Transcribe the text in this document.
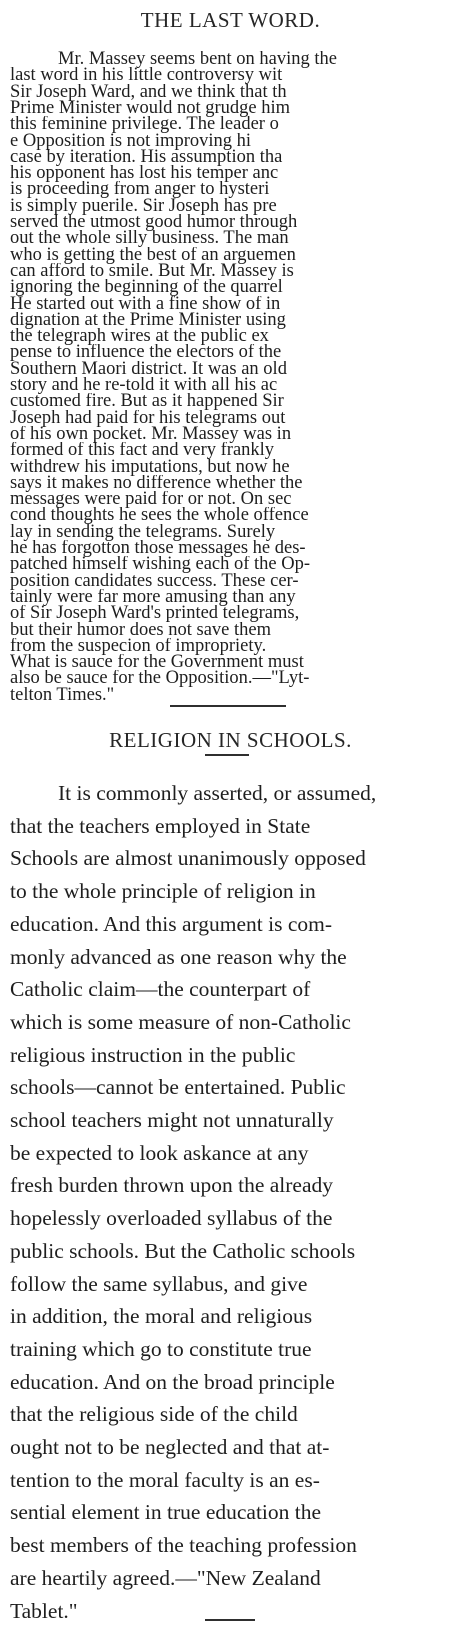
THE LAST WORD.
Mr. Massey seems bent on having the
last word in his little controversy wit
Sir Joseph Ward, and we think that th
Prime Minister would not grudge him
this feminine privilege. The leader o
e Opposition is not improving hi
case by iteration. His assumption tha
his opponent has lost his temper anc
is proceeding from anger to hysteri
is simply puerile. Sir Joseph has pre
served the utmost good humor through
out the whole silly business. The man
who is getting the best of an arguemen
can afford to smile. But Mr. Massey is
ignoring the beginning of the quarrel
He started out with a fine show of in
dignation at the Prime Minister using
the telegraph wires at the public ex
pense to influence the electors of the
Southern Maori district. It was an old
story and he re-told it with all his ac
customed fire. But as it happened Sir
Joseph had paid for his telegrams out
of his own pocket. Mr. Massey was in
formed of this fact and very frankly
withdrew his imputations, but now he
says it makes no difference whether the
messages were paid for or not. On sec
cond thoughts he sees the whole offence
lay in sending the telegrams. Surely
he has forgotton those messages he des-
patched himself wishing each of the Op-
position candidates success. These cer-
tainly were far more amusing than any
of Sir Joseph Ward's printed telegrams,
but their humor does not save them
from the suspecion of impropriety.
What is sauce for the Government must
also be sauce for the Opposition.—"Lyt-
telton Times."
RELIGION IN SCHOOLS.
It is commonly asserted, or assumed,
that the teachers employed in State
Schools are almost unanimously opposed
to the whole principle of religion in
education. And this argument is com-
monly advanced as one reason why the
Catholic claim—the counterpart of
which is some measure of non-Catholic
religious instruction in the public
schools—cannot be entertained. Public
school teachers might not unnaturally
be expected to look askance at any
fresh burden thrown upon the already
hopelessly overloaded syllabus of the
public schools. But the Catholic schools
follow the same syllabus, and give
in addition, the moral and religious
training which go to constitute true
education. And on the broad principle
that the religious side of the child
ought not to be neglected and that at-
tention to the moral faculty is an es-
sential element in true education the
best members of the teaching profession
are heartily agreed.—"New Zealand
Tablet."
